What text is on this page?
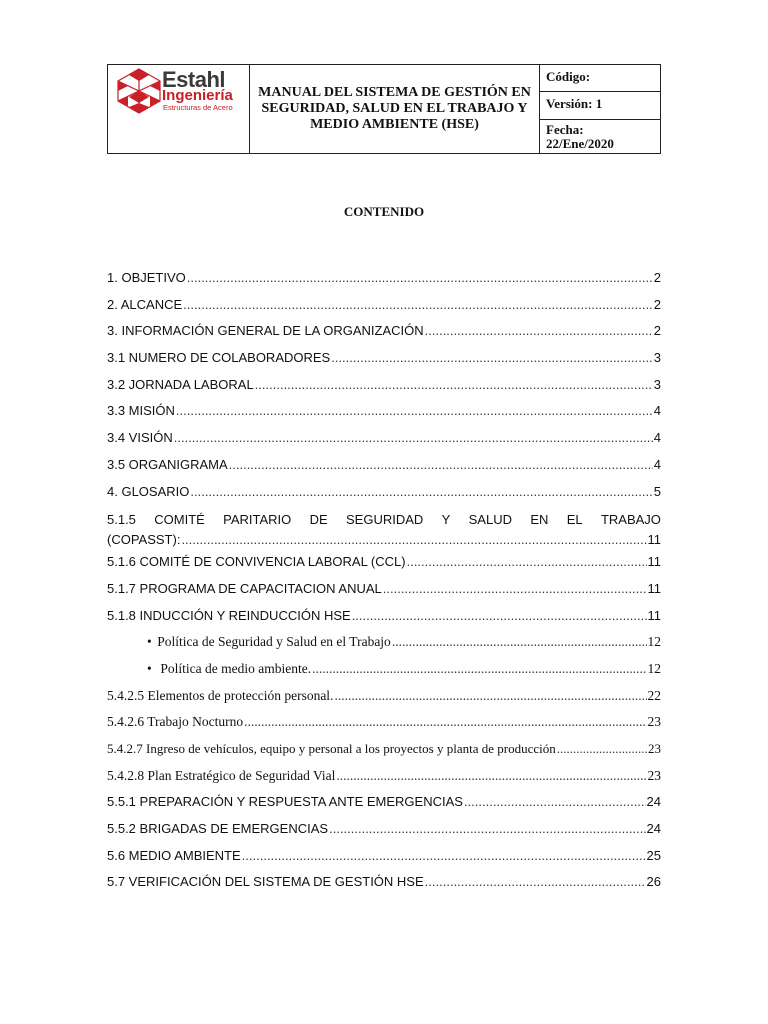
Estahl
Ingeniería
Estructuras de Acero
MANUAL DEL SISTEMA DE GESTIÓN EN SEGURIDAD, SALUD EN EL TRABAJO Y MEDIO AMBIENTE (HSE)
Código:
Versión: 1
Fecha:
22/Ene/2020
CONTENIDO
1. OBJETIVO .....	2
2. ALCANCE .....	2
3. INFORMACIÓN GENERAL DE LA ORGANIZACIÓN .....	2
3.1 NUMERO DE COLABORADORES .....	3
3.2 JORNADA LABORAL .....	3
3.3 MISIÓN .....	4
3.4 VISIÓN .....	4
3.5 ORGANIGRAMA .....	4
4. GLOSARIO .....	5
5.1.5 COMITÉ PARITARIO DE SEGURIDAD Y SALUD EN EL TRABAJO
(COPASST): .....	11
5.1.6 COMITÉ DE CONVIVENCIA LABORAL (CCL) .....	11
5.1.7 PROGRAMA DE CAPACITACION ANUAL .....	11
5.1.8 INDUCCIÓN Y REINDUCCIÓN HSE .....	11
• Política de Seguridad y Salud en el Trabajo .....	12
• Política de medio ambiente. .....	12
5.4.2.5 Elementos de protección personal. .....	22
5.4.2.6 Trabajo Nocturno .....	23
5.4.2.7 Ingreso de vehículos, equipo y personal a los proyectos y planta de producción .....	23
5.4.2.8 Plan Estratégico de Seguridad Vial .....	23
5.5.1 PREPARACIÓN Y RESPUESTA ANTE EMERGENCIAS .....	24
5.5.2 BRIGADAS DE EMERGENCIAS .....	24
5.6 MEDIO AMBIENTE .....	25
5.7 VERIFICACIÓN DEL SISTEMA DE GESTIÓN HSE .....	26
